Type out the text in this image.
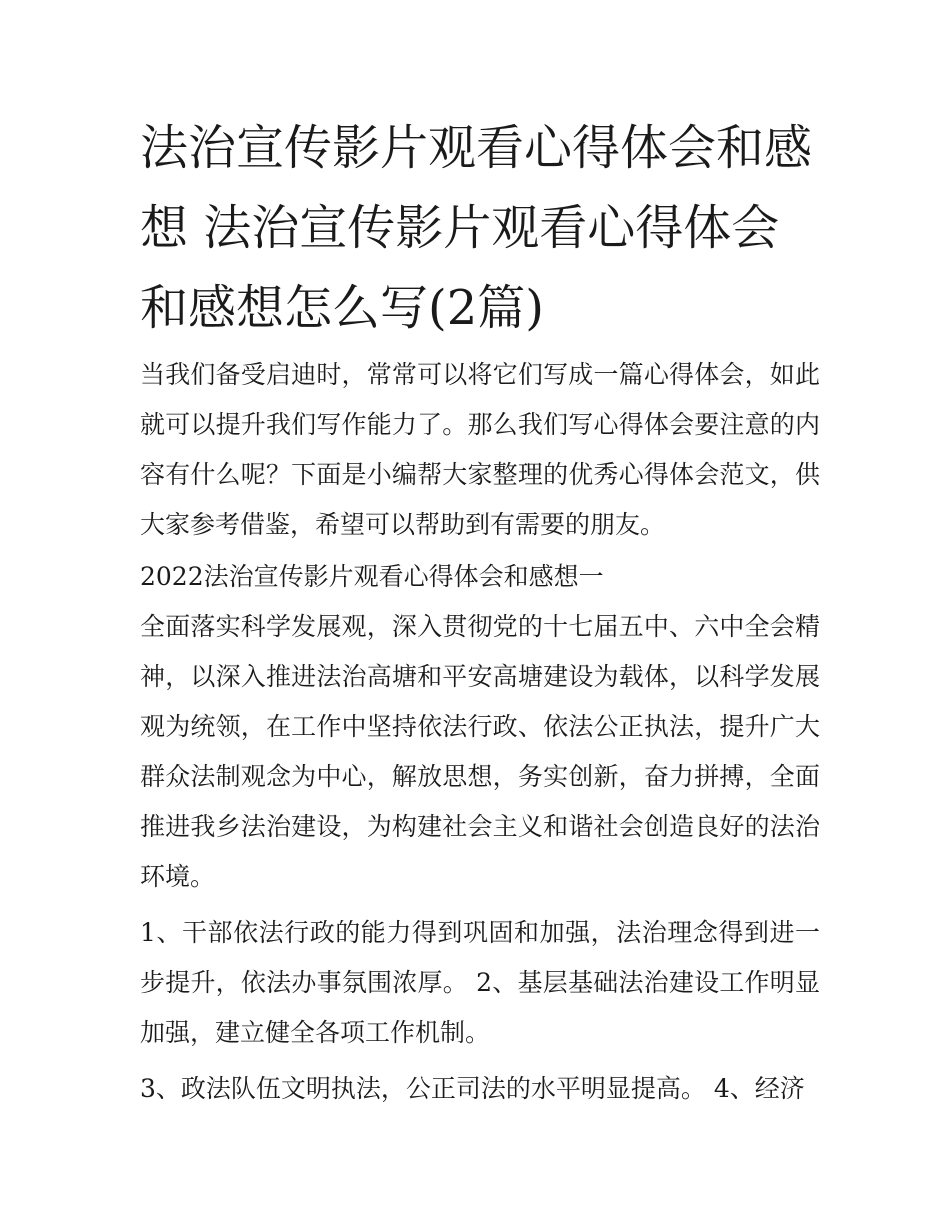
法治宣传影片观看心得体会和感想 法治宣传影片观看心得体会和感想怎么写(2篇)

当我们备受启迪时，常常可以将它们写成一篇心得体会，如此就可以提升我们写作能力了。那么我们写心得体会要注意的内容有什么呢？下面是小编帮大家整理的优秀心得体会范文，供大家参考借鉴，希望可以帮助到有需要的朋友。

2022法治宣传影片观看心得体会和感想一

全面落实科学发展观，深入贯彻党的十七届五中、六中全会精神，以深入推进法治高塘和平安高塘建设为载体，以科学发展观为统领，在工作中坚持依法行政、依法公正执法，提升广大群众法制观念为中心，解放思想，务实创新，奋力拼搏，全面推进我乡法治建设，为构建社会主义和谐社会创造良好的法治环境。

1、干部依法行政的能力得到巩固和加强，法治理念得到进一步提升，依法办事氛围浓厚。 2、基层基础法治建设工作明显加强，建立健全各项工作机制。

3、政法队伍文明执法，公正司法的水平明显提高。 4、经济
